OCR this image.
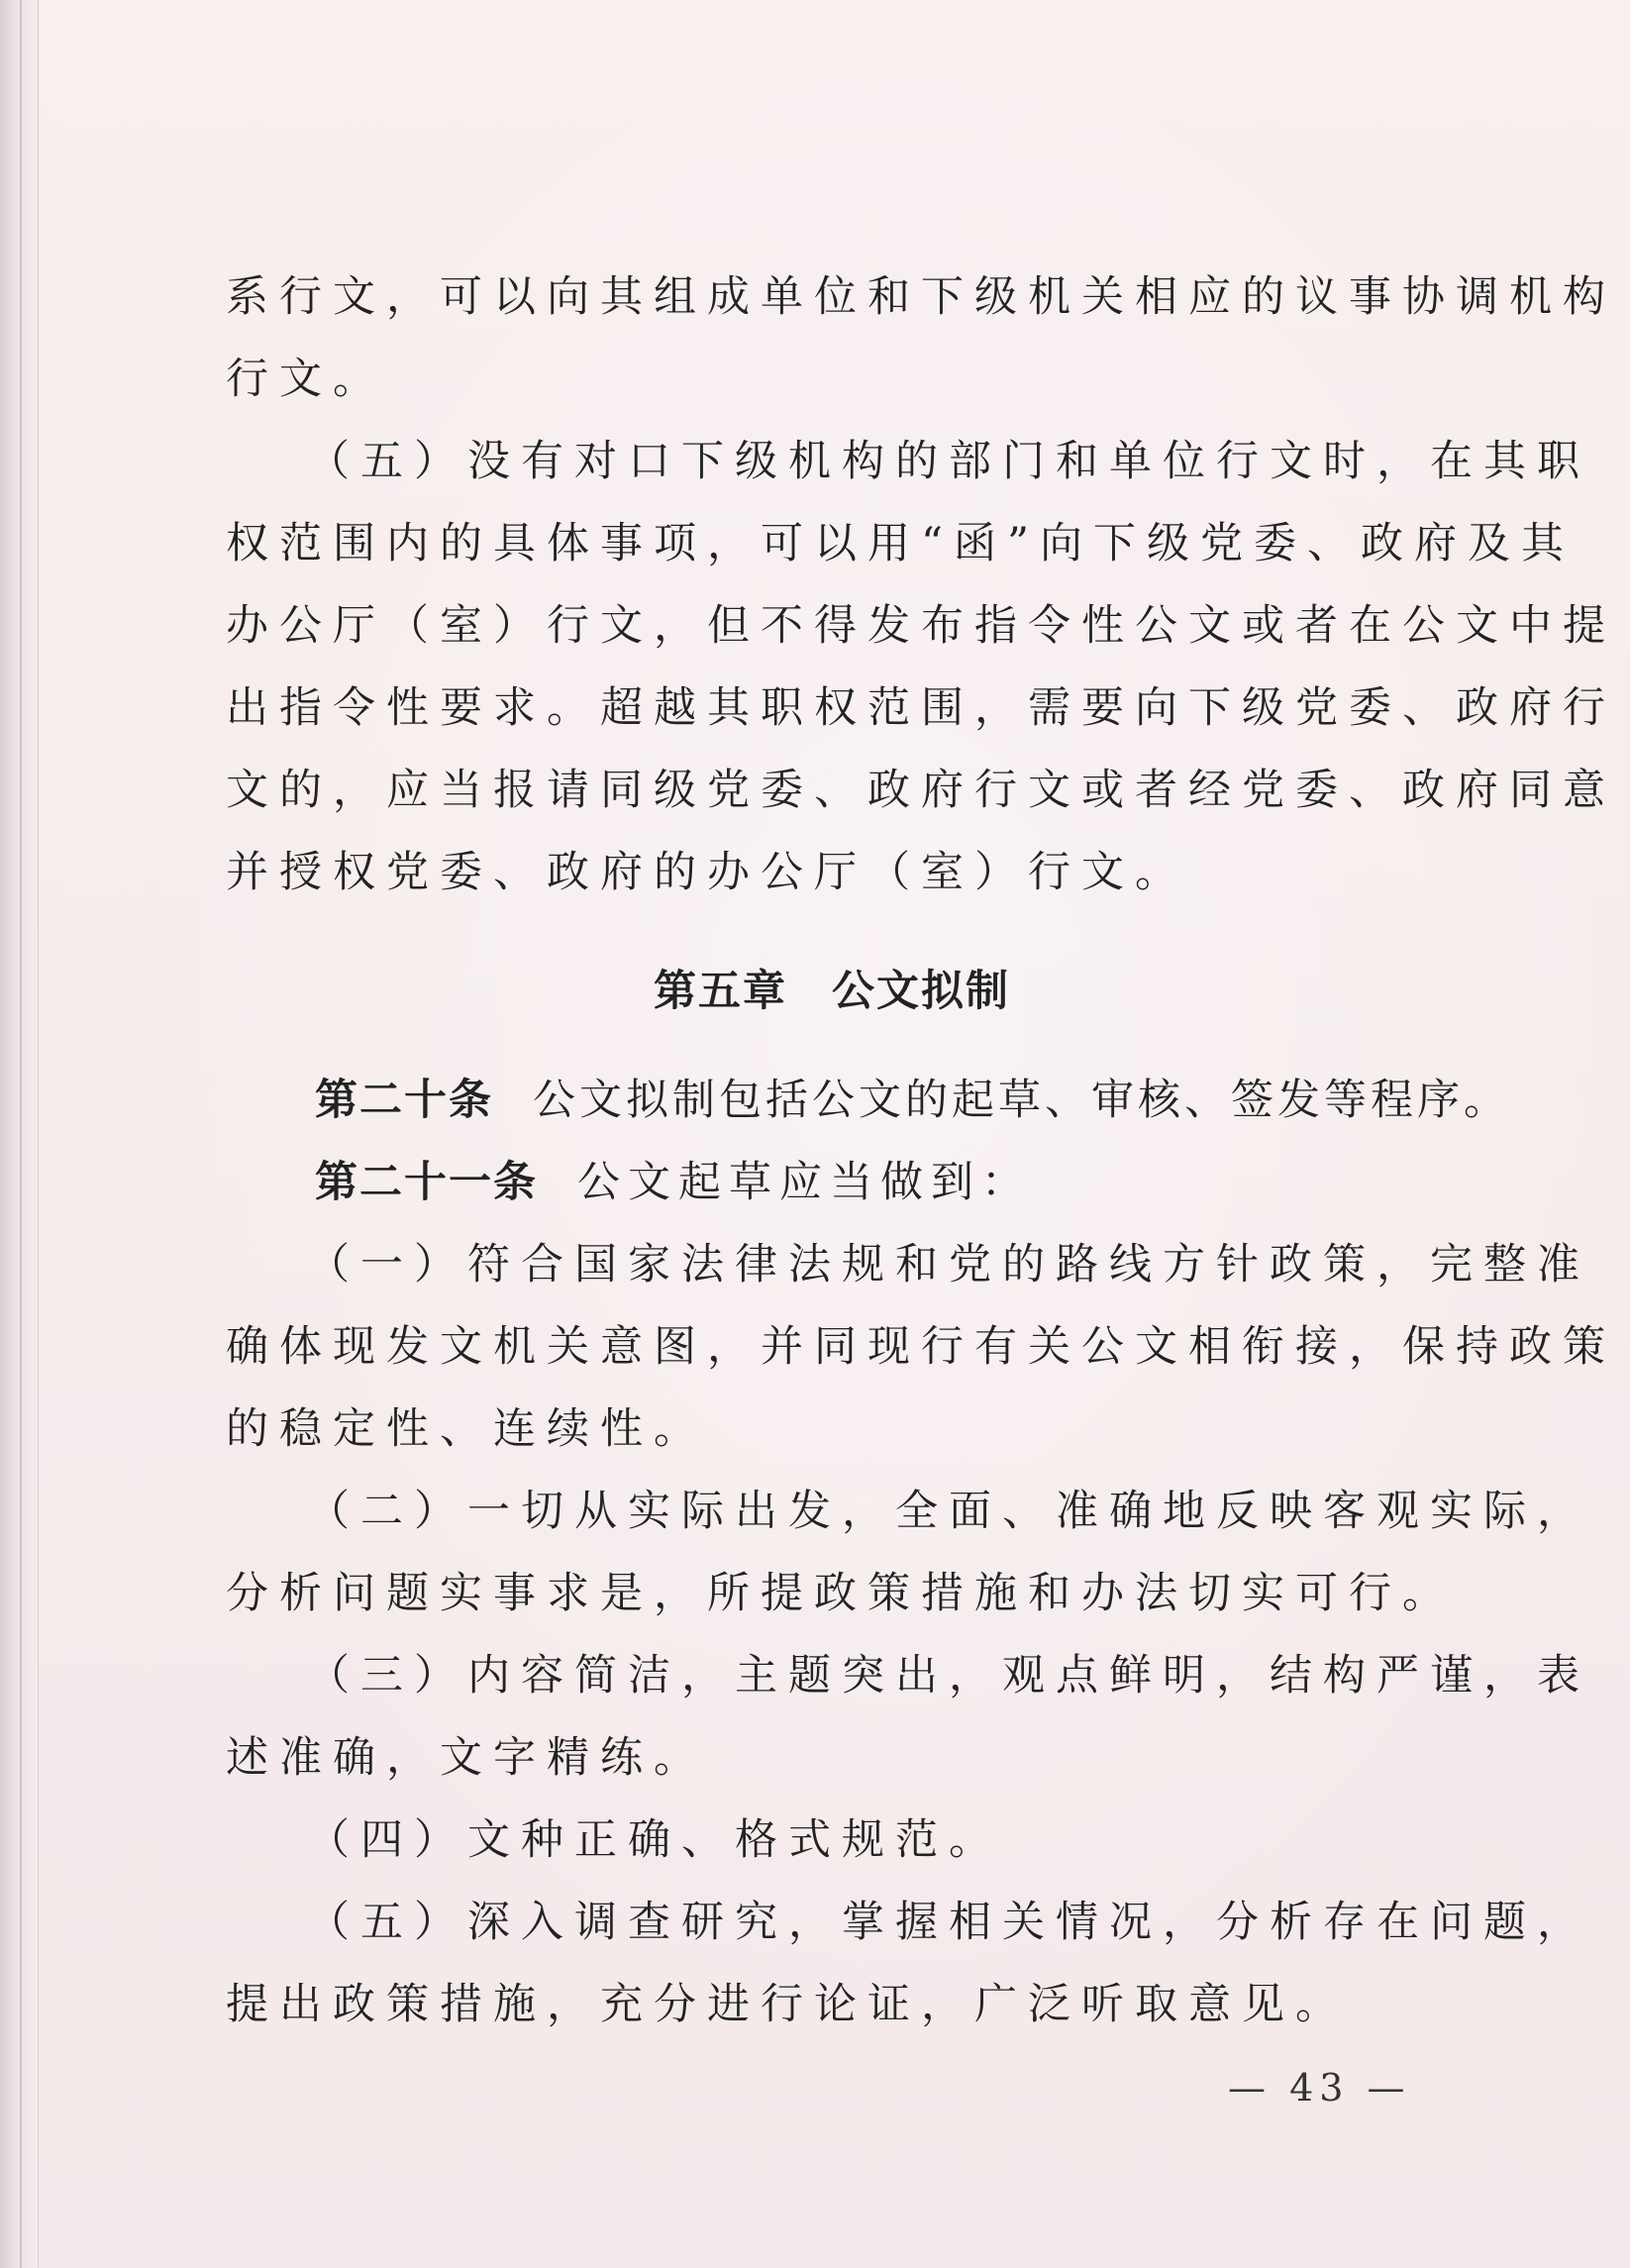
系行文，可以向其组成单位和下级机关相应的议事协调机构
行文。
（五）没有对口下级机构的部门和单位行文时，在其职
权范围内的具体事项，可以用“函”向下级党委、政府及其
办公厅（室）行文，但不得发布指令性公文或者在公文中提
出指令性要求。超越其职权范围，需要向下级党委、政府行
文的，应当报请同级党委、政府行文或者经党委、政府同意
并授权党委、政府的办公厅（室）行文。
第五章　公文拟制
第二十条 公文拟制包括公文的起草、审核、签发等程序。
第二十一条 公文起草应当做到：
（一）符合国家法律法规和党的路线方针政策，完整准
确体现发文机关意图，并同现行有关公文相衔接，保持政策
的稳定性、连续性。
（二）一切从实际出发，全面、准确地反映客观实际，
分析问题实事求是，所提政策措施和办法切实可行。
（三）内容简洁，主题突出，观点鲜明，结构严谨，表
述准确，文字精练。
（四）文种正确、格式规范。
（五）深入调查研究，掌握相关情况，分析存在问题，
提出政策措施，充分进行论证，广泛听取意见。
— 43 —
